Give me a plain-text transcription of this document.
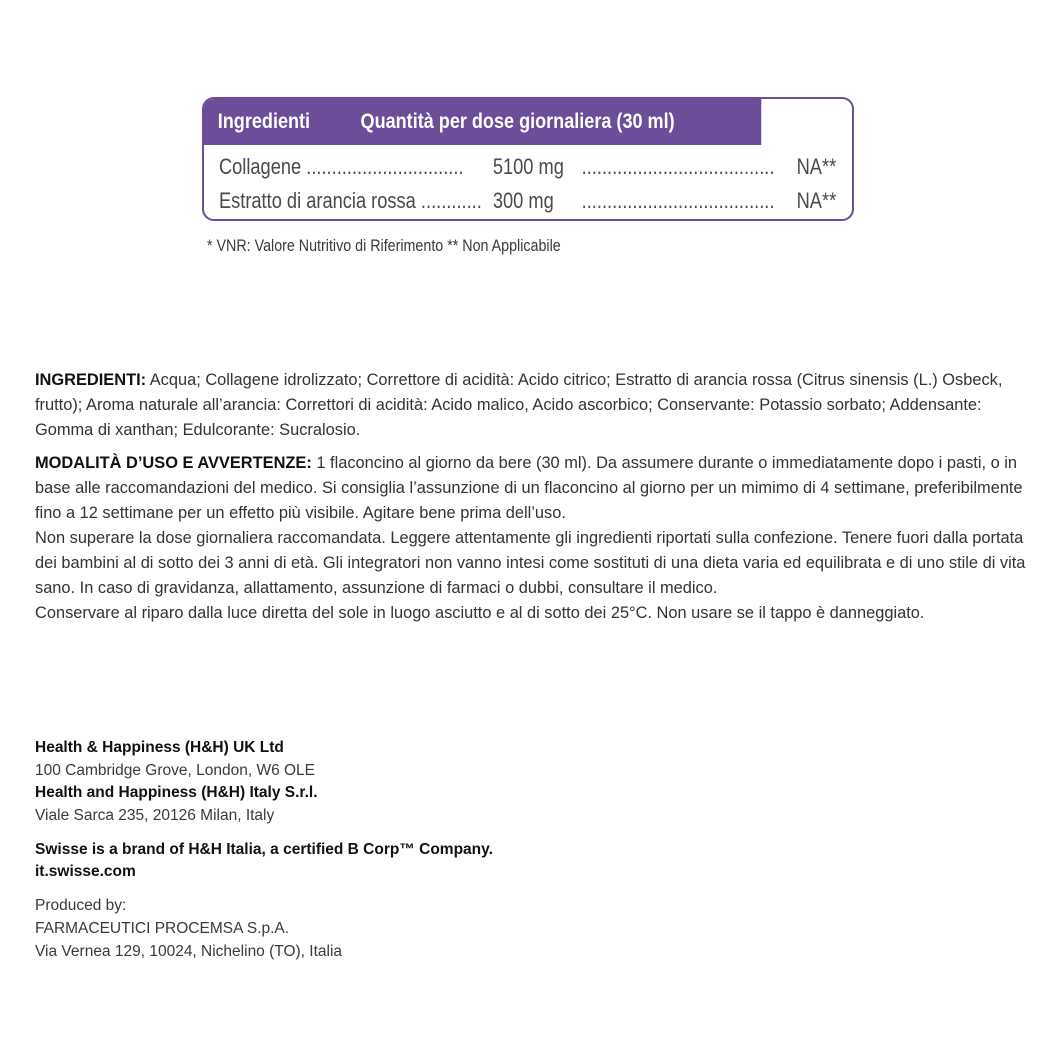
Ingredienti Quantità per dose giornaliera (30 ml)	VNR*
Collagene ............................... 5100 mg ...................................... NA**
Estratto di arancia rossa ............ 300 mg ...................................... NA**
* VNR: Valore Nutritivo di Riferimento ** Non Applicabile

INGREDIENTI: Acqua; Collagene idrolizzato; Correttore di acidità: Acido citrico; Estratto di arancia rossa (Citrus sinensis (L.) Osbeck, frutto); Aroma naturale all’arancia: Correttori di acidità: Acido malico, Acido ascorbico; Conservante: Potassio sorbato; Addensante: Gomma di xanthan; Edulcorante: Sucralosio.

MODALITÀ D’USO E AVVERTENZE: 1 flaconcino al giorno da bere (30 ml). Da assumere durante o immediatamente dopo i pasti, o in base alle raccomandazioni del medico. Si consiglia l’assunzione di un flaconcino al giorno per un mimimo di 4 settimane, preferibilmente fino a 12 settimane per un effetto più visibile. Agitare bene prima dell’uso.

Non superare la dose giornaliera raccomandata. Leggere attentamente gli ingredienti riportati sulla confezione. Tenere fuori dalla portata dei bambini al di sotto dei 3 anni di età. Gli integratori non vanno intesi come sostituti di una dieta varia ed equilibrata e di uno stile di vita sano. In caso di gravidanza, allattamento, assunzione di farmaci o dubbi, consultare il medico.

Conservare al riparo dalla luce diretta del sole in luogo asciutto e al di sotto dei 25°C. Non usare se il tappo è danneggiato.

Health & Happiness (H&H) UK Ltd
100 Cambridge Grove, London, W6 OLE
Health and Happiness (H&H) Italy S.r.l.
Viale Sarca 235, 20126 Milan, Italy
Swisse is a brand of H&H Italia, a certified B Corp™ Company.
it.swisse.com
Produced by:
FARMACEUTICI PROCEMSA S.p.A.
Via Vernea 129, 10024, Nichelino (TO), Italia
